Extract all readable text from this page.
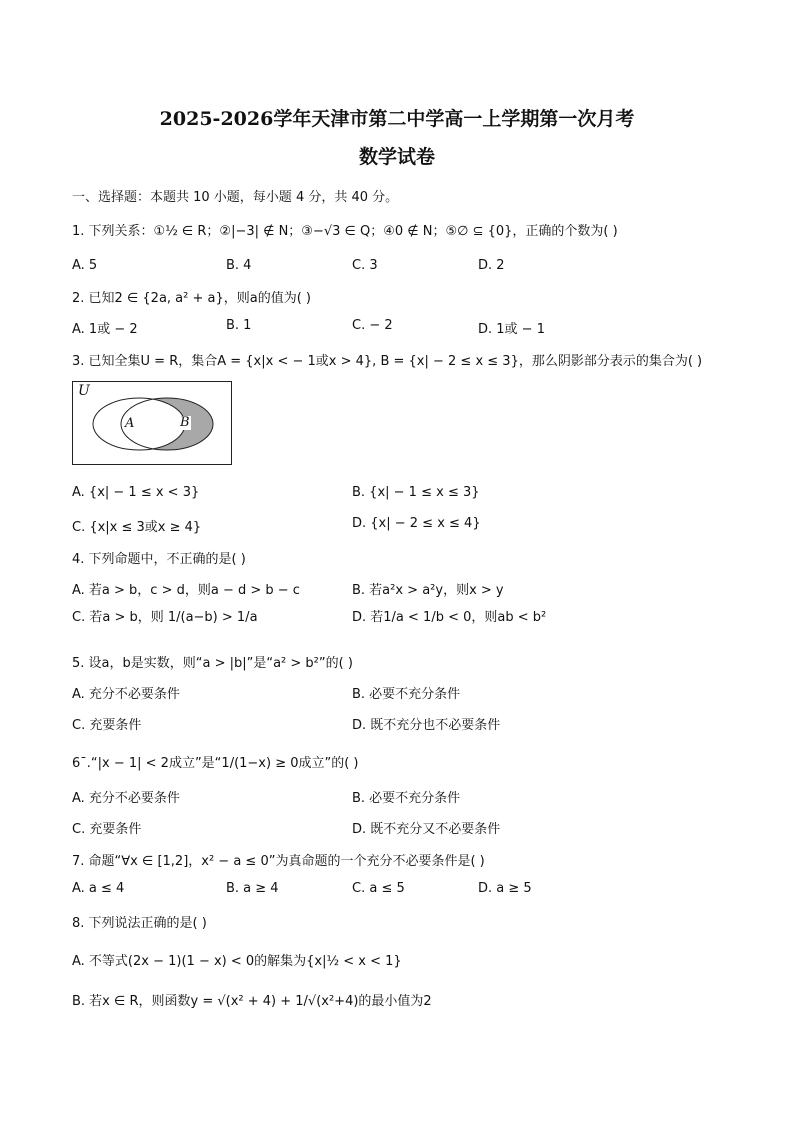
2025-2026学年天津市第二中学高一上学期第一次月考
数学试卷
一、选择题：本题共 10 小题，每小题 4 分，共 40 分。
1. 下列关系：①½ ∈ R；②|−3| ∉ N；③−√3 ∈ Q；④0 ∉ N；⑤∅ ⊆ {0}，正确的个数为( )
A. 5	B. 4	C. 3	D. 2
2. 已知2 ∈ {2a, a² + a}，则a的值为( )
A. 1或 − 2	B. 1	C. − 2	D. 1或 − 1
3. 已知全集U = R，集合A = {x|x < − 1或x > 4}, B = {x| − 2 ≤ x ≤ 3}，那么阴影部分表示的集合为( )
U
A	B
A. {x| − 1 ≤ x < 3}	B. {x| − 1 ≤ x ≤ 3}
C. {x|x ≤ 3或x ≥ 4}	D. {x| − 2 ≤ x ≤ 4}
4. 下列命题中，不正确的是( )
A. 若a > b，c > d，则a − d > b − c	B. 若a²x > a²y，则x > y
C. 若a > b，则 1/(a−b) > 1/a	D. 若1/a < 1/b < 0，则ab < b²
5. 设a，b是实数，则“a > |b|”是“a² > b²”的( )
A. 充分不必要条件	B. 必要不充分条件
C. 充要条件	D. 既不充分也不必要条件
6¯.“|x − 1| < 2成立”是“1/(1−x) ≥ 0成立”的( )
A. 充分不必要条件	B. 必要不充分条件
C. 充要条件	D. 既不充分又不必要条件
7. 命题“∀x ∈ [1,2]，x² − a ≤ 0”为真命题的一个充分不必要条件是( )
A. a ≤ 4	B. a ≥ 4	C. a ≤ 5	D. a ≥ 5
8. 下列说法正确的是( )
A. 不等式(2x − 1)(1 − x) < 0的解集为{x|½ < x < 1}
B. 若x ∈ R，则函数y = √(x² + 4) + 1/√(x²+4)的最小值为2
